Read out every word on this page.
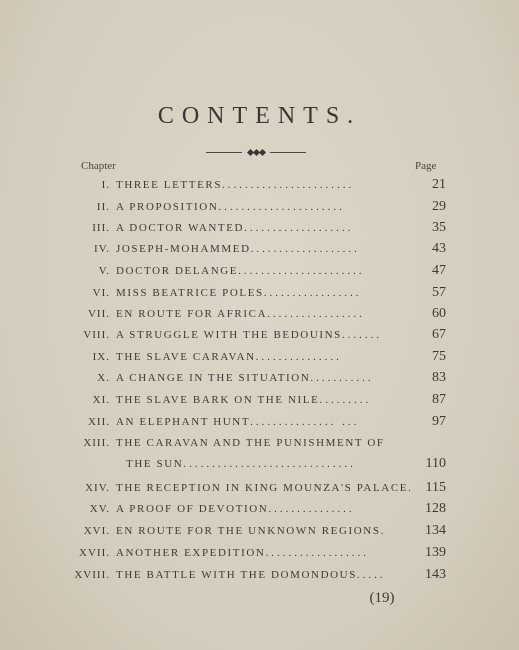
CONTENTS.
Chapter	Page
I. THREE LETTERS.......................	21
II. A PROPOSITION......................	29
III. A DOCTOR WANTED...................	35
IV. JOSEPH-MOHAMMED...................	43
V. DOCTOR DELANGE......................	47
VI. MISS BEATRICE POLES.................	57
VII. EN ROUTE FOR AFRICA.................	60
VIII. A STRUGGLE WITH THE BEDOUINS.......	67
IX. THE SLAVE CARAVAN...............	75
X. A CHANGE IN THE SITUATION...........	83
XI. THE SLAVE BARK ON THE NILE.........	87
XII. AN ELEPHANT HUNT............... ...	97
XIII. THE CARAVAN AND THE PUNISHMENT OF
THE SUN..............................	110
XIV. THE RECEPTION IN KING MOUNZA'S PALACE. 115
XV. A PROOF OF DEVOTION...............	128
XVI. EN ROUTE FOR THE UNKNOWN REGIONS.	134
XVII. ANOTHER EXPEDITION..................	139
XVIII. THE BATTLE WITH THE DOMONDOUS.....	143
(19)
